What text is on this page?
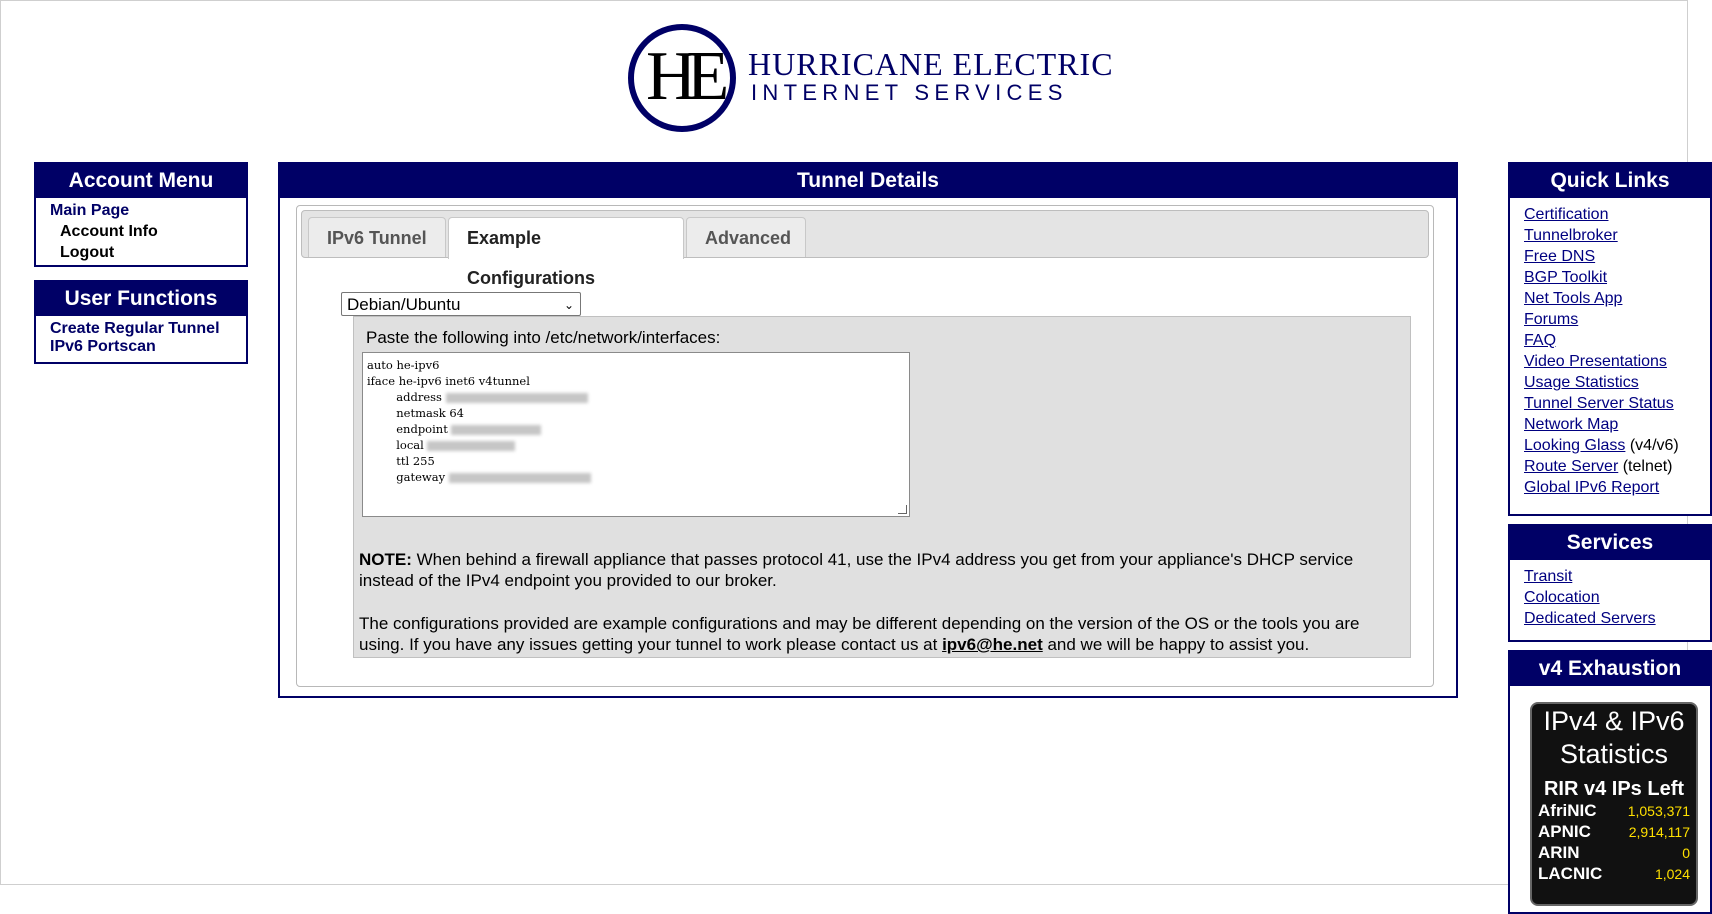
HE HURRICANE ELECTRIC
INTERNET SERVICES
Account Menu
Main Page
Account Info
Logout
User Functions
Create Regular Tunnel
IPv6 Portscan
Tunnel Details
IPv6 Tunnel	Example Configurations
Advanced
Debian/Ubuntu	⌄
Paste the following into /etc/network/interfaces:
auto he-ipv6
iface he-ipv6 inet6 v4tunnel
address
netmask 64
endpoint
local
ttl 255
gateway
NOTE: When behind a firewall appliance that passes protocol 41, use the IPv4 address you get from your appliance's DHCP service instead of the IPv4 endpoint you provided to our broker.
The configurations provided are example configurations and may be different depending on the version of the OS or the tools you are using. If you have any issues getting your tunnel to work please contact us at ipv6@he.net and we will be happy to assist you.
Quick Links
Certification
Tunnelbroker
Free DNS
BGP Toolkit
Net Tools App
Forums
FAQ
Video Presentations
Usage Statistics
Tunnel Server Status
Network Map
Looking Glass (v4/v6)
Route Server (telnet)
Global IPv6 Report
Services
Transit
Colocation
Dedicated Servers
v4 Exhaustion
IPv4 & IPv6
Statistics
RIR v4 IPs Left
AfriNIC 1,053,371
APNIC	2,914,117
ARIN	0
LACNIC	1,024
